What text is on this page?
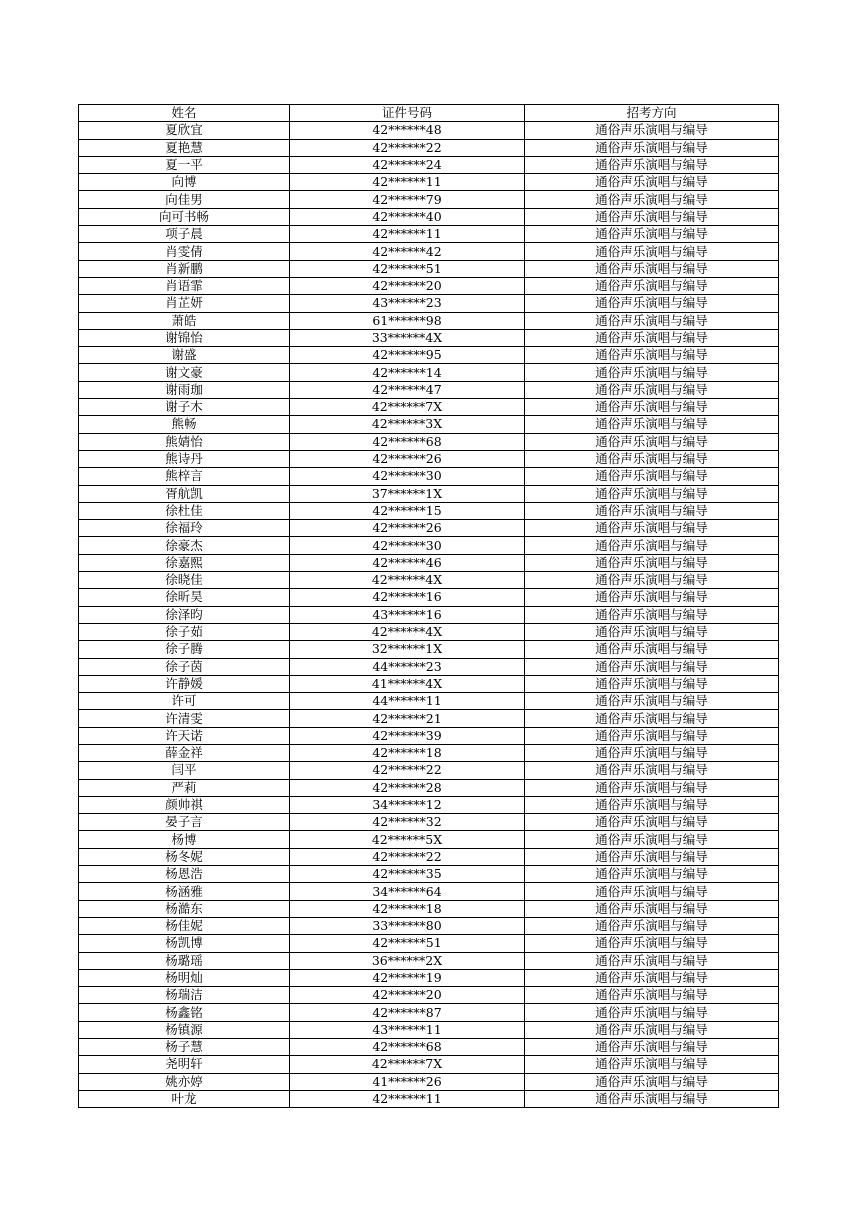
姓名	证件号码	招考方向
夏欣宜	42******48	通俗声乐演唱与编导
夏艳慧	42******22	通俗声乐演唱与编导
夏一平	42******24	通俗声乐演唱与编导
向博	42******11	通俗声乐演唱与编导
向佳男	42******79	通俗声乐演唱与编导
向可书畅	42******40	通俗声乐演唱与编导
项子晨	42******11	通俗声乐演唱与编导
肖雯倩	42******42	通俗声乐演唱与编导
肖新鹏	42******51	通俗声乐演唱与编导
肖语霏	42******20	通俗声乐演唱与编导
肖芷妍	43******23	通俗声乐演唱与编导
萧皓	61******98	通俗声乐演唱与编导
谢锦怡	33******4X	通俗声乐演唱与编导
谢盛	42******95	通俗声乐演唱与编导
谢文豪	42******14	通俗声乐演唱与编导
谢雨珈	42******47	通俗声乐演唱与编导
谢子木	42******7X	通俗声乐演唱与编导
熊畅	42******3X	通俗声乐演唱与编导
熊婧怡	42******68	通俗声乐演唱与编导
熊诗丹	42******26	通俗声乐演唱与编导
熊梓言	42******30	通俗声乐演唱与编导
胥航凯	37******1X	通俗声乐演唱与编导
徐杜佳	42******15	通俗声乐演唱与编导
徐福玲	42******26	通俗声乐演唱与编导
徐豪杰	42******30	通俗声乐演唱与编导
徐嘉熙	42******46	通俗声乐演唱与编导
徐晓佳	42******4X	通俗声乐演唱与编导
徐昕昊	42******16	通俗声乐演唱与编导
徐泽昀	43******16	通俗声乐演唱与编导
徐子茹	42******4X	通俗声乐演唱与编导
徐子腾	32******1X	通俗声乐演唱与编导
徐子茵	44******23	通俗声乐演唱与编导
许静媛	41******4X	通俗声乐演唱与编导
许可	44******11	通俗声乐演唱与编导
许清雯	42******21	通俗声乐演唱与编导
许天诺	42******39	通俗声乐演唱与编导
薛金祥	42******18	通俗声乐演唱与编导
闫平	42******22	通俗声乐演唱与编导
严莉	42******28	通俗声乐演唱与编导
颜帅祺	34******12	通俗声乐演唱与编导
晏子言	42******32	通俗声乐演唱与编导
杨博	42******5X	通俗声乐演唱与编导
杨冬妮	42******22	通俗声乐演唱与编导
杨恩浩	42******35	通俗声乐演唱与编导
杨涵雅	34******64	通俗声乐演唱与编导
杨澔东	42******18	通俗声乐演唱与编导
杨佳妮	33******80	通俗声乐演唱与编导
杨凯博	42******51	通俗声乐演唱与编导
杨璐瑶	36******2X	通俗声乐演唱与编导
杨明灿	42******19	通俗声乐演唱与编导
杨瑞洁	42******20	通俗声乐演唱与编导
杨鑫铭	42******87	通俗声乐演唱与编导
杨镇源	43******11	通俗声乐演唱与编导
杨子慧	42******68	通俗声乐演唱与编导
尧明轩	42******7X	通俗声乐演唱与编导
姚亦婷	41******26	通俗声乐演唱与编导
叶龙	42******11	通俗声乐演唱与编导
